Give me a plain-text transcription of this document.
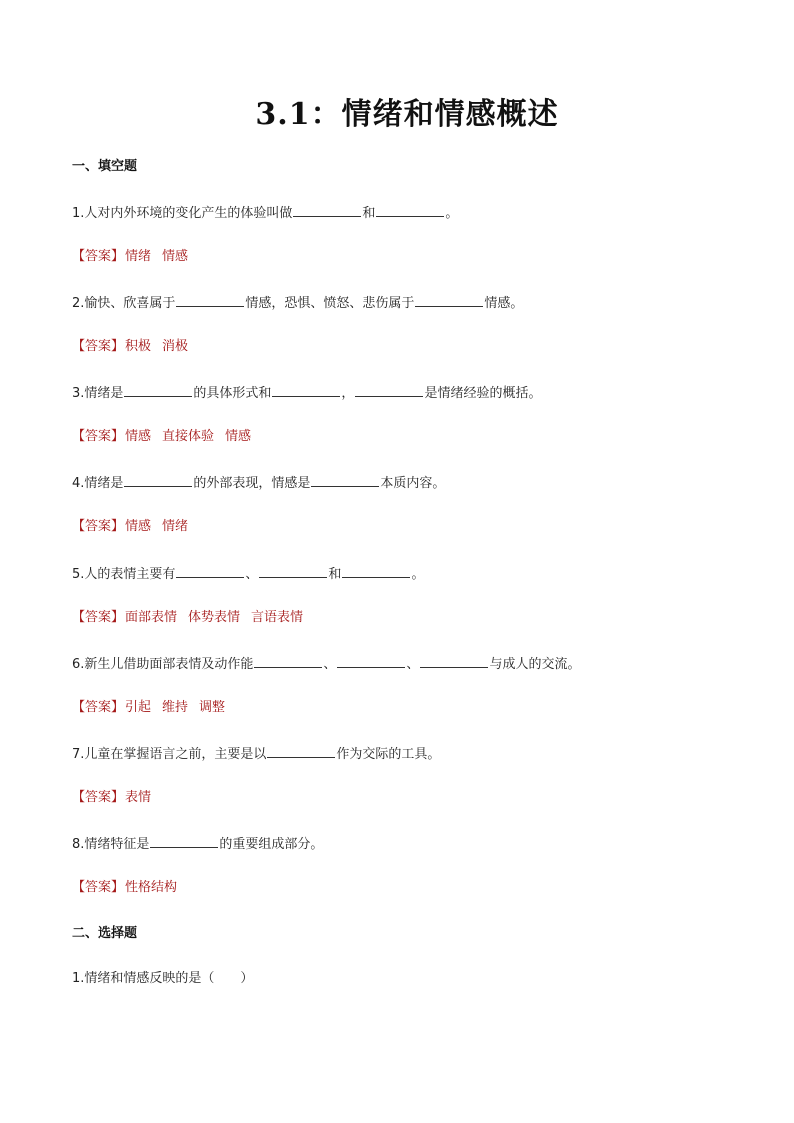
3.1：情绪和情感概述
一、填空题
1.人对内外环境的变化产生的体验叫做	和	。
【答案】情绪 情感
2.愉快、欣喜属于	情感，恐惧、愤怒、悲伤属于	情感。
【答案】积极 消极
3.情绪是	的具体形式和	，	是情绪经验的概括。
【答案】情感 直接体验 情感
4.情绪是	的外部表现，情感是	本质内容。
【答案】情感 情绪
5.人的表情主要有	、	和	。
【答案】面部表情 体势表情 言语表情
6.新生儿借助面部表情及动作能	、	、	与成人的交流。
【答案】引起 维持 调整
7.儿童在掌握语言之前，主要是以	作为交际的工具。
【答案】表情
8.情绪特征是	的重要组成部分。
【答案】性格结构
二、选择题
1.情绪和情感反映的是（　　）
